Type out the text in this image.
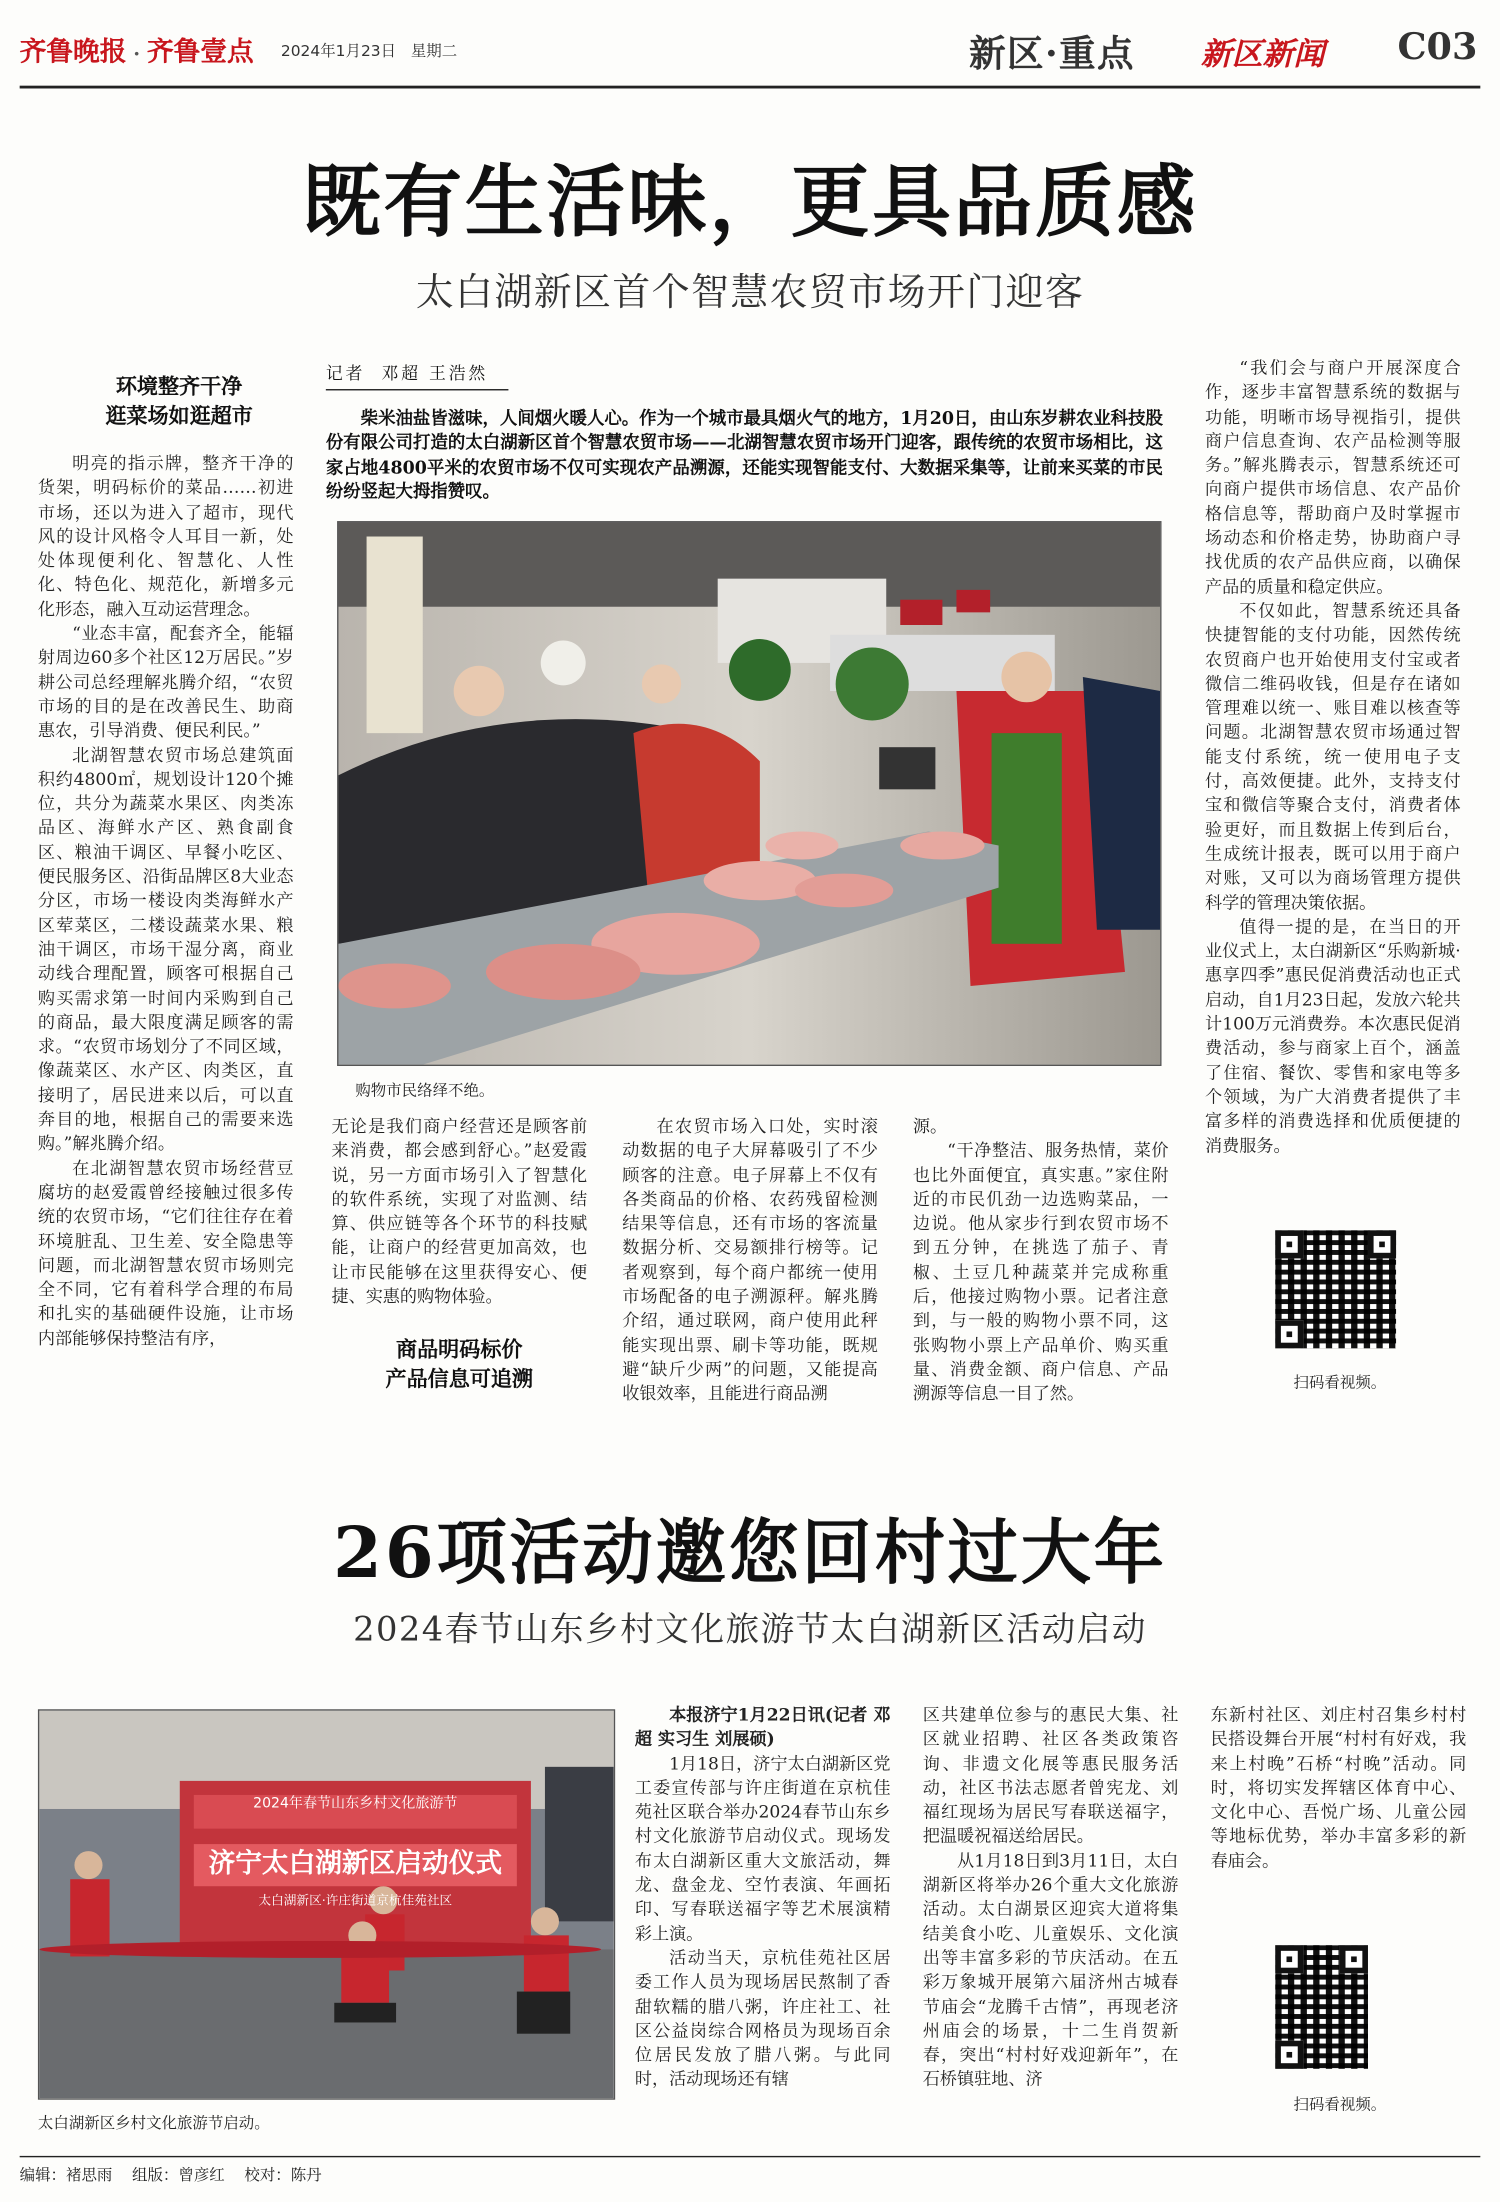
齐鲁晚报 · 齐鲁壹点 2024年1月23日 星期二	新区·重点	新区新闻	C03
既有生活味，更具品质感
太白湖新区首个智慧农贸市场开门迎客
环境整齐干净
逛菜场如逛超市

明亮的指示牌，整齐干净的货架，明码标价的菜品……初进市场，还以为进入了超市，现代风的设计风格令人耳目一新，处处体现便利化、智慧化、人性化、特色化、规范化，新增多元化形态，融入互动运营理念。

“业态丰富，配套齐全，能辐射周边60多个社区12万居民。”岁耕公司总经理解兆腾介绍，“农贸市场的目的是在改善民生、助商惠农，引导消费、便民利民。”

北湖智慧农贸市场总建筑面积约4800㎡，规划设计120个摊位，共分为蔬菜水果区、肉类冻品区、海鲜水产区、熟食副食区、粮油干调区、早餐小吃区、便民服务区、沿街品牌区8大业态分区，市场一楼设肉类海鲜水产区荤菜区，二楼设蔬菜水果、粮油干调区，市场干湿分离，商业动线合理配置，顾客可根据自己购买需求第一时间内采购到自己的商品，最大限度满足顾客的需求。“农贸市场划分了不同区域，像蔬菜区、水产区、肉类区，直接明了，居民进来以后，可以直奔目的地，根据自己的需要来选购。”解兆腾介绍。

在北湖智慧农贸市场经营豆腐坊的赵爱霞曾经接触过很多传统的农贸市场，“它们往往存在着环境脏乱、卫生差、安全隐患等问题，而北湖智慧农贸市场则完全不同，它有着科学合理的布局和扎实的基础硬件设施，让市场内部能够保持整洁有序，

记者 邓超 王浩然
柴米油盐皆滋味，人间烟火暖人心。作为一个城市最具烟火气的地方，1月20日，由山东岁耕农业科技股份有限公司打造的太白湖新区首个智慧农贸市场——北湖智慧农贸市场开门迎客，跟传统的农贸市场相比，这家占地4800平米的农贸市场不仅可实现农产品溯源，还能实现智能支付、大数据采集等，让前来买菜的市民纷纷竖起大拇指赞叹。
购物市民络绎不绝。

无论是我们商户经营还是顾客前来消费，都会感到舒心。”赵爱霞说，另一方面市场引入了智慧化的软件系统，实现了对监测、结算、供应链等各个环节的科技赋能，让商户的经营更加高效，也让市民能够在这里获得安心、便捷、实惠的购物体验。

商品明码标价
产品信息可追溯

在农贸市场入口处，实时滚动数据的电子大屏幕吸引了不少顾客的注意。电子屏幕上不仅有各类商品的价格、农药残留检测结果等信息，还有市场的客流量数据分析、交易额排行榜等。记者观察到，每个商户都统一使用市场配备的电子溯源秤。解兆腾介绍，通过联网，商户使用此秤能实现出票、刷卡等功能，既规避“缺斤少两”的问题，又能提高收银效率，且能进行商品溯

源。

“干净整洁、服务热情，菜价也比外面便宜，真实惠。”家住附近的市民仉劲一边选购菜品，一边说。他从家步行到农贸市场不到五分钟，在挑选了茄子、青椒、土豆几种蔬菜并完成称重后，他接过购物小票。记者注意到，与一般的购物小票不同，这张购物小票上产品单价、购买重量、消费金额、商户信息、产品溯源等信息一目了然。

“我们会与商户开展深度合作，逐步丰富智慧系统的数据与功能，明晰市场导视指引，提供商户信息查询、农产品检测等服务。”解兆腾表示，智慧系统还可向商户提供市场信息、农产品价格信息等，帮助商户及时掌握市场动态和价格走势，协助商户寻找优质的农产品供应商，以确保产品的质量和稳定供应。

不仅如此，智慧系统还具备快捷智能的支付功能，因然传统农贸商户也开始使用支付宝或者微信二维码收钱，但是存在诸如管理难以统一、账目难以核查等问题。北湖智慧农贸市场通过智能支付系统，统一使用电子支付，高效便捷。此外，支持支付宝和微信等聚合支付，消费者体验更好，而且数据上传到后台，生成统计报表，既可以用于商户对账，又可以为商场管理方提供科学的管理决策依据。

值得一提的是，在当日的开业仪式上，太白湖新区“乐购新城·惠享四季”惠民促消费活动也正式启动，自1月23日起，发放六轮共计100万元消费券。本次惠民促消费活动，参与商家上百个，涵盖了住宿、餐饮、零售和家电等多个领域，为广大消费者提供了丰富多样的消费选择和优质便捷的消费服务。

扫码看视频。
26项活动邀您回村过大年
2024春节山东乡村文化旅游节太白湖新区活动启动
2024年春节山东乡村文化旅游节
济宁太白湖新区启动仪式
太白湖新区·许庄街道京杭佳苑社区
太白湖新区乡村文化旅游节启动。

本报济宁1月22日讯(记者 邓超 实习生 刘展硕)

1月18日，济宁太白湖新区党工委宣传部与许庄街道在京杭佳苑社区联合举办2024春节山东乡村文化旅游节启动仪式。现场发布太白湖新区重大文旅活动，舞龙、盘金龙、空竹表演、年画拓印、写春联送福字等艺术展演精彩上演。

活动当天，京杭佳苑社区居委工作人员为现场居民熬制了香甜软糯的腊八粥，许庄社工、社区公益岗综合网格员为现场百余位居民发放了腊八粥。与此同时，活动现场还有辖

区共建单位参与的惠民大集、社区就业招聘、社区各类政策咨询、非遗文化展等惠民服务活动，社区书法志愿者曾宪龙、刘福红现场为居民写春联送福字，把温暖祝福送给居民。

从1月18日到3月11日，太白湖新区将举办26个重大文化旅游活动。太白湖景区迎宾大道将集结美食小吃、儿童娱乐、文化演出等丰富多彩的节庆活动。在五彩万象城开展第六届济州古城春节庙会“龙腾千古情”，再现老济州庙会的场景，十二生肖贺新春，突出“村村好戏迎新年”，在石桥镇驻地、济

东新村社区、刘庄村召集乡村村民搭设舞台开展“村村有好戏，我来上村晚”石桥“村晚”活动。同时，将切实发挥辖区体育中心、文化中心、吾悦广场、儿童公园等地标优势，举办丰富多彩的新春庙会。

扫码看视频。
编辑：褚思雨 组版：曾彦红 校对：陈丹
